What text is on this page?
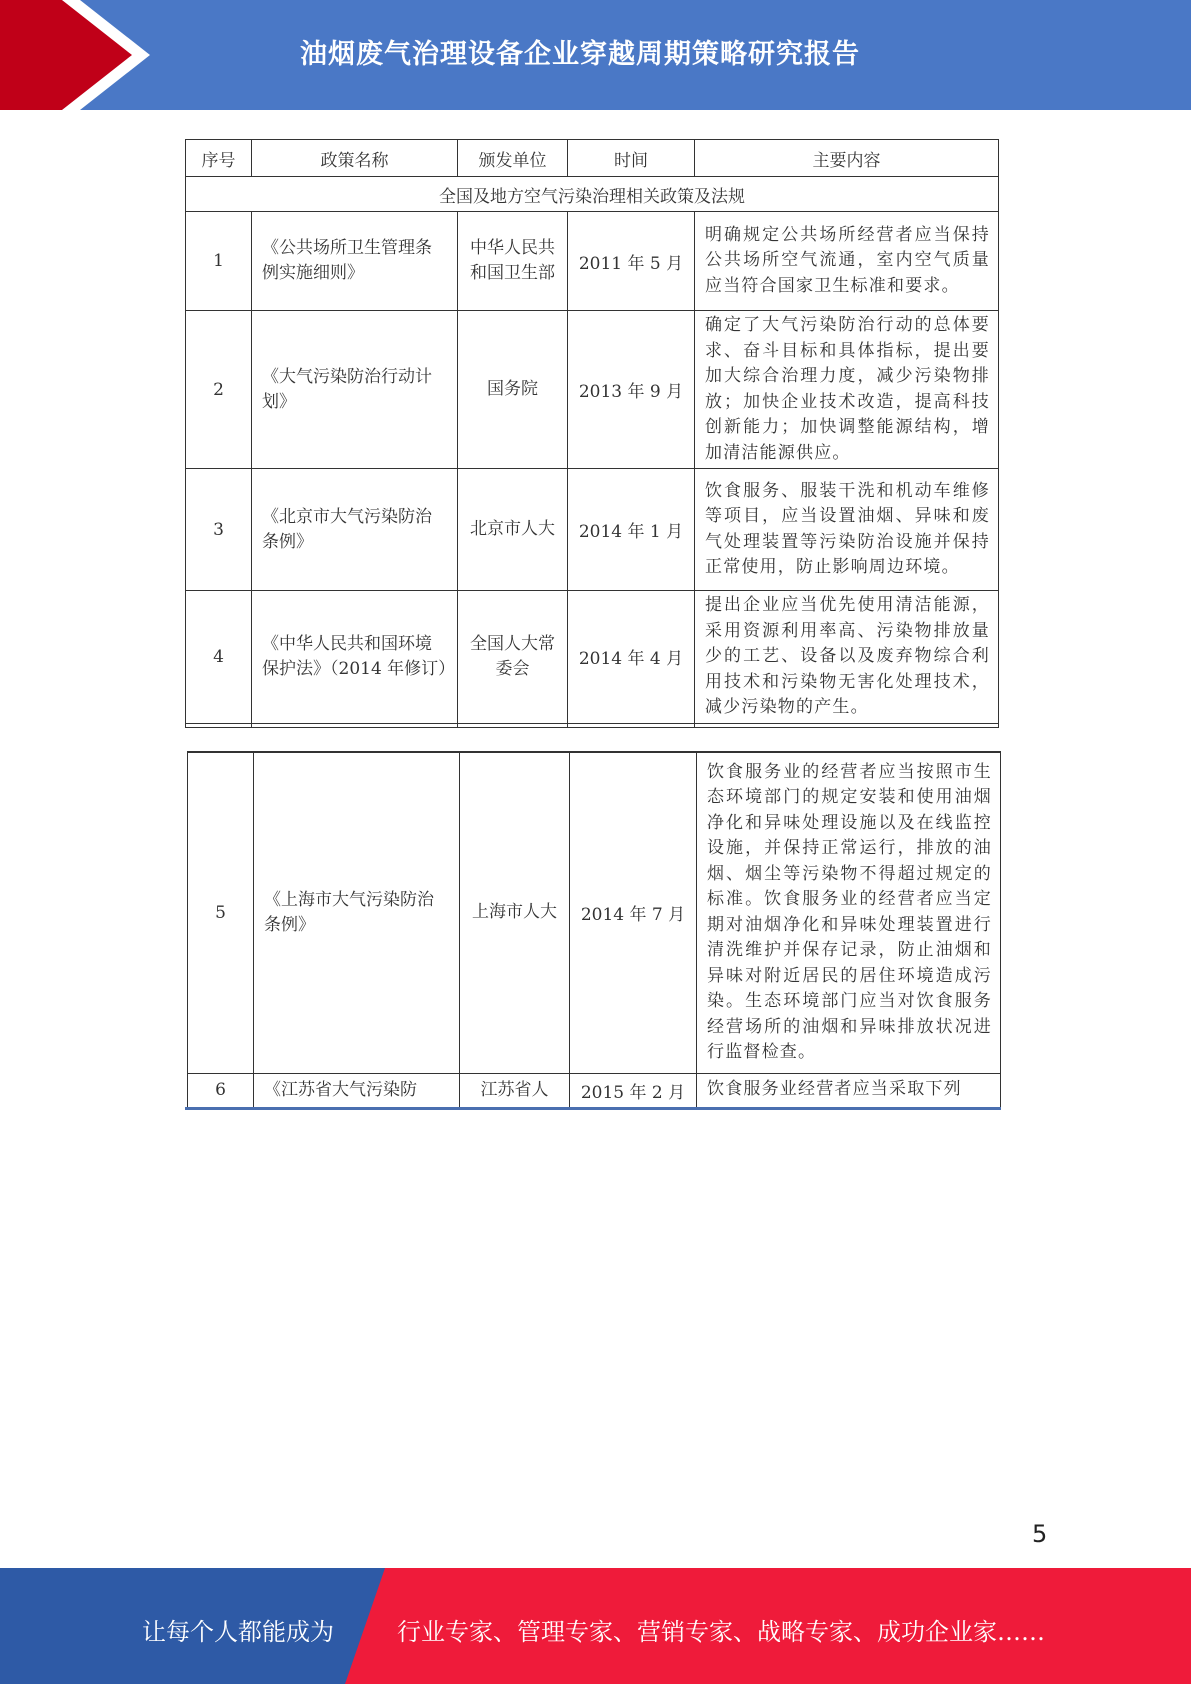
油烟废气治理设备企业穿越周期策略研究报告
序号	政策名称	颁发单位	时间	主要内容
全国及地方空气污染治理相关政策及法规				
1	《公共场所卫生管理条例实施细则》	中华人民共和国卫生部	2011 年 5 月	明确规定公共场所经营者应当保持公共场所空气流通，室内空气质量应当符合国家卫生标准和要求。
2	《大气污染防治行动计划》	国务院	2013 年 9 月	确定了大气污染防治行动的总体要求、奋斗目标和具体指标，提出要加大综合治理力度，减少污染物排放；加快企业技术改造，提高科技创新能力；加快调整能源结构，增加清洁能源供应。
3	《北京市大气污染防治条例》	北京市人大	2014 年 1 月	饮食服务、服装干洗和机动车维修等项目，应当设置油烟、异味和废气处理装置等污染防治设施并保持正常使用，防止影响周边环境。
4	《中华人民共和国环境保护法》（2014 年修订）	全国人大常委会	2014 年 4 月	提出企业应当优先使用清洁能源，采用资源利用率高、污染物排放量少的工艺、设备以及废弃物综合利用技术和污染物无害化处理技术，减少污染物的产生。

5	《上海市大气污染防治条例》	上海市人大	2014 年 7 月	饮食服务业的经营者应当按照市生态环境部门的规定安装和使用油烟净化和异味处理设施以及在线监控设施，并保持正常运行，排放的油烟、烟尘等污染物不得超过规定的标准。饮食服务业的经营者应当定期对油烟净化和异味处理装置进行清洗维护并保存记录，防止油烟和异味对附近居民的居住环境造成污染。生态环境部门应当对饮食服务经营场所的油烟和异味排放状况进行监督检查。
6	《江苏省大气污染防	江苏省人	2015 年 2 月	饮食服务业经营者应当采取下列
5
让每个人都能成为	行业专家、管理专家、营销专家、战略专家、成功企业家……
